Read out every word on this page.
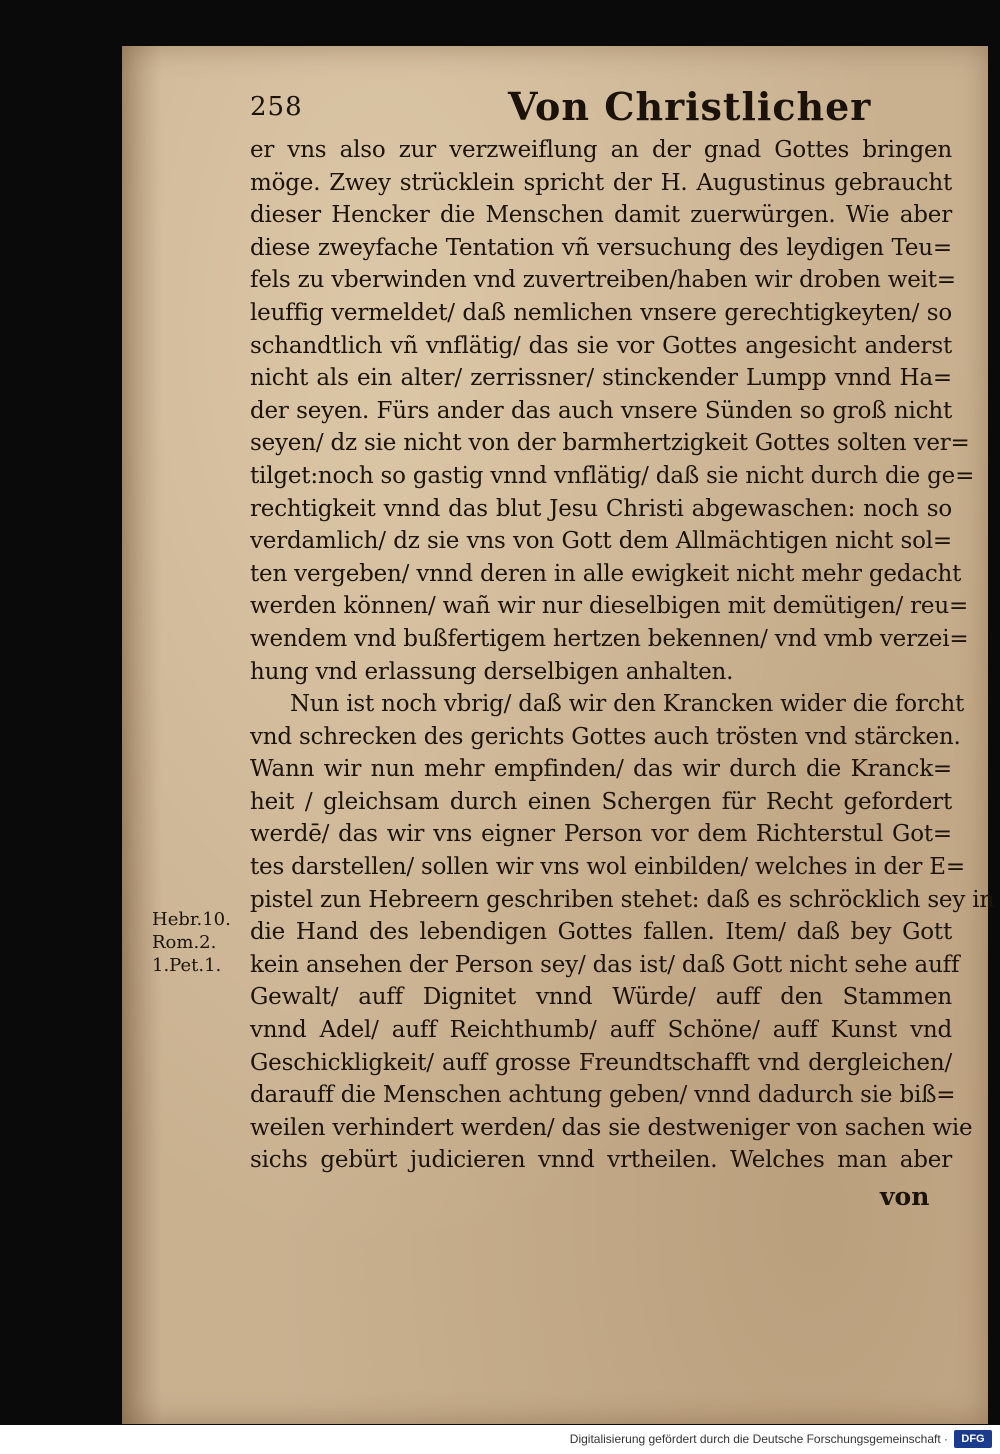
258	Von Christlicher
er vns also zur verzweiflung an der gnad Gottes bringen
möge. Zwey strücklein spricht der H. Augustinus gebraucht
dieser Hencker die Menschen damit zuerwürgen. Wie aber
diese zweyfache Tentation vñ versuchung des leydigen Teu=
fels zu vberwinden vnd zuvertreiben/haben wir droben weit=
leuffig vermeldet/ daß nemlichen vnsere gerechtigkeyten/ so
schandtlich vñ vnflätig/ das sie vor Gottes angesicht anderst
nicht als ein alter/ zerrissner/ stinckender Lumpp vnnd Ha=
der seyen. Fürs ander das auch vnsere Sünden so groß nicht
seyen/ dz sie nicht von der barmhertzigkeit Gottes solten ver=
tilget:noch so gastig vnnd vnflätig/ daß sie nicht durch die ge=
rechtigkeit vnnd das blut Jesu Christi abgewaschen: noch so
verdamlich/ dz sie vns von Gott dem Allmächtigen nicht sol=
ten vergeben/ vnnd deren in alle ewigkeit nicht mehr gedacht
werden können/ wañ wir nur dieselbigen mit demütigen/ reu=
wendem vnd bußfertigem hertzen bekennen/ vnd vmb verzei=
hung vnd erlassung derselbigen anhalten.
Nun ist noch vbrig/ daß wir den Krancken wider die forcht
vnd schrecken des gerichts Gottes auch trösten vnd stärcken.
Wann wir nun mehr empfinden/ das wir durch die Kranck=
heit / gleichsam durch einen Schergen für Recht gefordert
werdē/ das wir vns eigner Person vor dem Richterstul Got=
tes darstellen/ sollen wir vns wol einbilden/ welches in der E=
pistel zun Hebreern geschriben stehet: daß es schröcklich sey in
die Hand des lebendigen Gottes fallen. Item/ daß bey Gott
kein ansehen der Person sey/ das ist/ daß Gott nicht sehe auff
Gewalt/ auff Dignitet vnnd Würde/ auff den Stammen
vnnd Adel/ auff Reichthumb/ auff Schöne/ auff Kunst vnd
Geschickligkeit/ auff grosse Freundtschafft vnd dergleichen/
darauff die Menschen achtung geben/ vnnd dadurch sie biß=
weilen verhindert werden/ das sie destweniger von sachen wie
sichs gebürt judicieren vnnd vrtheilen. Welches man aber
von
Hebr.10.
Rom.2.
1.Pet.1.
Digitalisierung gefördert durch die Deutsche Forschungsgemeinschaft ·	DFG
